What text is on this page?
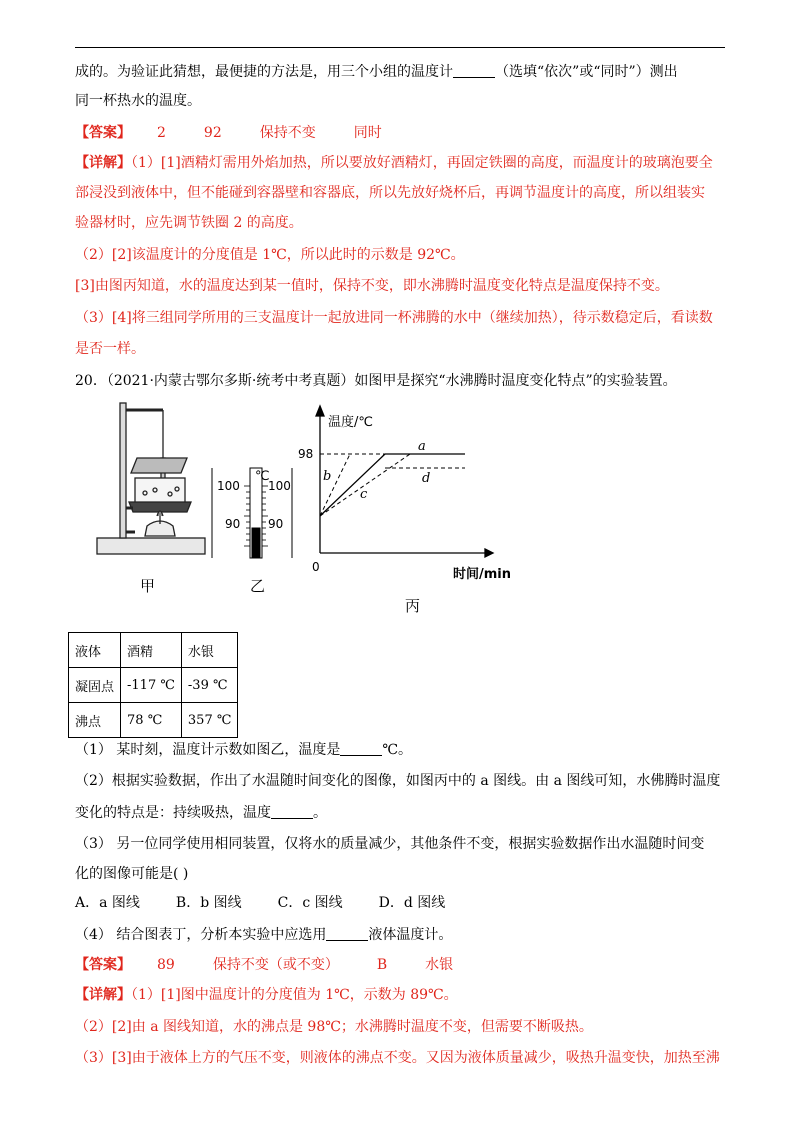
成的。为验证此猜想，最便捷的方法是，用三个小组的温度计	（选填“依次”或“同时”）测出
同一杯热水的温度。
【答案】 2	92	保持不变	同时
【详解】（1）[1]酒精灯需用外焰加热，所以要放好酒精灯，再固定铁圈的高度，而温度计的玻璃泡要全
部浸没到液体中，但不能碰到容器壁和容器底，所以先放好烧杯后，再调节温度计的高度，所以组装实
验器材时，应先调节铁圈 2 的高度。
（2）[2]该温度计的分度值是 1℃，所以此时的示数是 92℃。
[3]由图丙知道，水的温度达到某一值时，保持不变，即水沸腾时温度变化特点是温度保持不变。
（3）[4]将三组同学所用的三支温度计一起放进同一杯沸腾的水中（继续加热），待示数稳定后，看读数
是否一样。
20．（2021·内蒙古鄂尔多斯·统考中考真题）如图甲是探究“水沸腾时温度变化特点”的实验装置。
℃
100 100
90 90
温度/℃
时间/min
98
0
a
b
c
d
甲	乙
丙
液体	酒精	水银
凝固点	-117 ℃	-39 ℃
沸点	78 ℃	357 ℃
（1） 某时刻，温度计示数如图乙，温度是	℃。
（2）根据实验数据，作出了水温随时间变化的图像，如图丙中的 a 图线。由 a 图线可知，水佛腾时温度
变化的特点是：持续吸热，温度	。
（3） 另一位同学使用相同装置，仅将水的质量减少，其他条件不变，根据实验数据作出水温随时间变
化的图像可能是( )
A．a 图线	B．b 图线	C．c 图线	D．d 图线
（4） 结合图表丁，分析本实验中应选用	液体温度计。
【答案】 89	保持不变（或不变）	B	水银
【详解】（1）[1]图中温度计的分度值为 1℃，示数为 89℃。
（2）[2]由 a 图线知道，水的沸点是 98℃；水沸腾时温度不变，但需要不断吸热。
（3）[3]由于液体上方的气压不变，则液体的沸点不变。又因为液体质量减少，吸热升温变快，加热至沸
